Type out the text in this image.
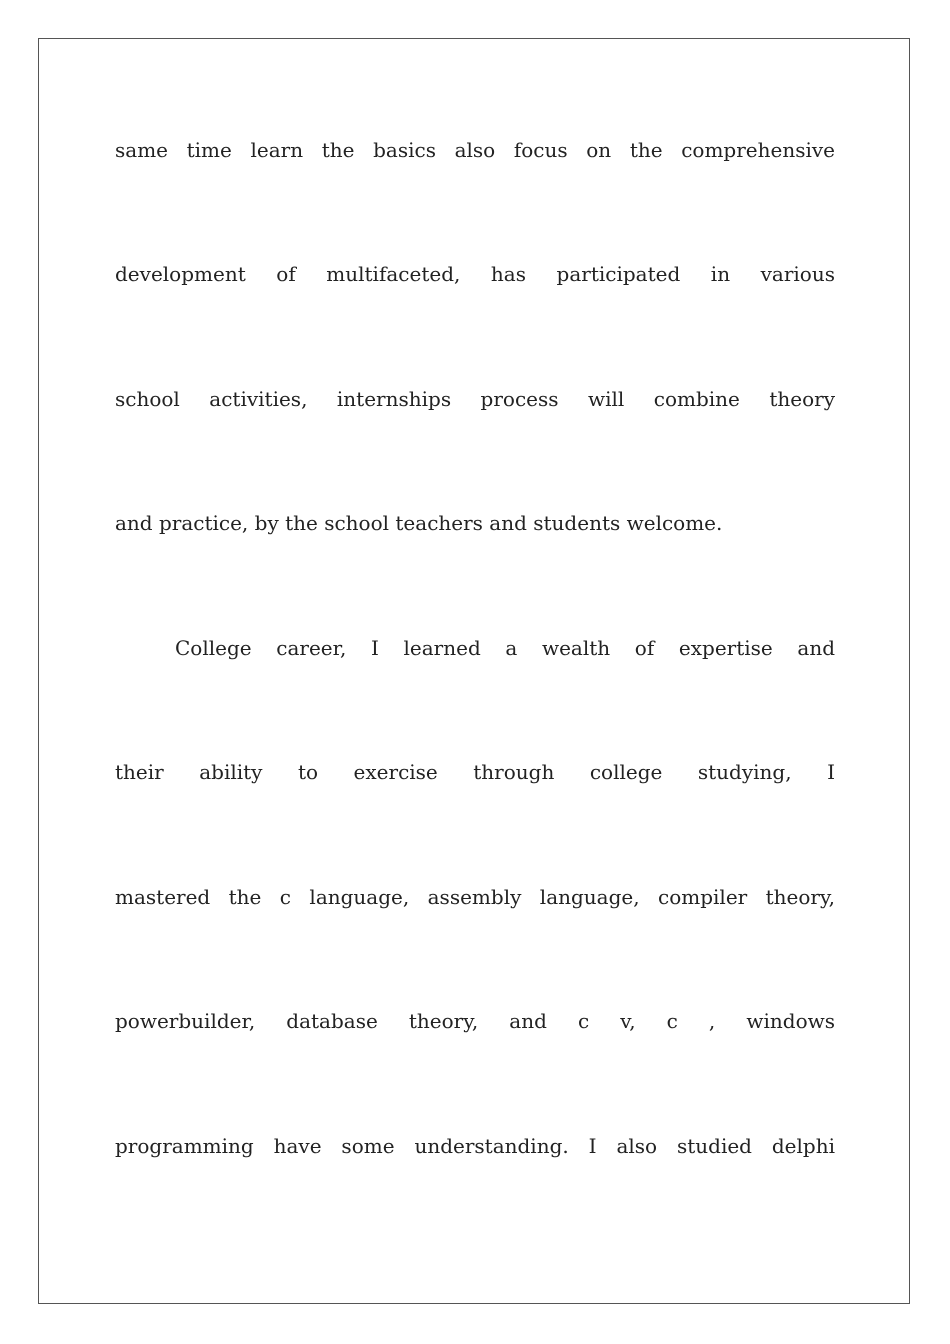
same time learn the basics also focus on the comprehensive
development of multifaceted, has participated in various
school activities, internships process will combine theory
and practice, by the school teachers and students welcome.
College career, I learned a wealth of expertise and
their ability to exercise through college studying, I
mastered the c language, assembly language, compiler theory,
powerbuilder, database theory, and c v, c , windows
programming have some understanding. I also studied delphi
